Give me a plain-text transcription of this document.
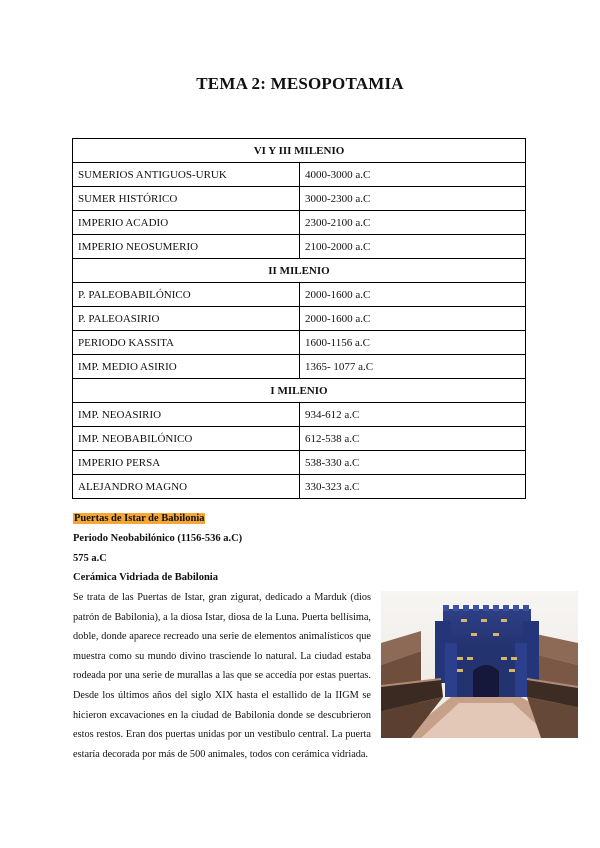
TEMA 2: MESOPOTAMIA
VI Y III MILENIO	
SUMERIOS ANTIGUOS-URUK	4000-3000 a.C
SUMER HISTÓRICO	3000-2300 a.C
IMPERIO ACADIO	2300-2100 a.C
IMPERIO NEOSUMERIO	2100-2000 a.C
II MILENIO	
P. PALEOBABILÓNICO	2000-1600 a.C
P. PALEOASIRIO	2000-1600 a.C
PERIODO KASSITA	1600-1156 a.C
IMP. MEDIO ASIRIO	1365- 1077 a.C
I MILENIO	
IMP. NEOASIRIO	934-612 a.C
IMP. NEOBABILÓNICO	612-538 a.C
IMPERIO PERSA	538-330 a.C
ALEJANDRO MAGNO	330-323 a.C
Puertas de Istar de Babilonia
Periodo Neobabilónico (1156-536 a.C)
575 a.C
Cerámica Vidriada de Babilonia
Se trata de las Puertas de Istar, gran zigurat, dedicado a Marduk (dios patrón de Babilonia), a la diosa Istar, diosa de la Luna. Puerta bellísima, doble, donde aparece recreado una serie de elementos animalísticos que muestra como su mundo divino trasciende lo natural. La ciudad estaba rodeada por una serie de murallas a las que se accedía por estas puertas. Desde los últimos años del siglo XIX hasta el estallido de la IIGM se hicieron excavaciones en la ciudad de Babilonia donde se descubrieron estos restos. Eran dos puertas unidas por un vestíbulo central. La puerta estaría decorada por más de 500 animales, todos con cerámica vidriada.
